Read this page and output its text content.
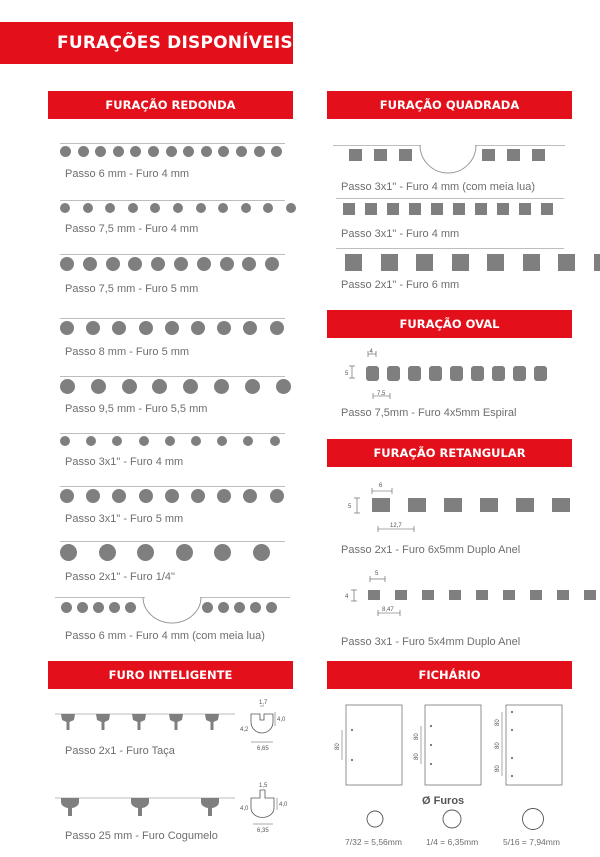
FURAÇÕES DISPONÍVEIS
FURAÇÃO REDONDA
Passo 6 mm - Furo 4 mm
Passo 7,5 mm - Furo 4 mm
Passo 7,5 mm - Furo 5 mm
Passo 8 mm - Furo 5 mm
Passo 9,5 mm - Furo 5,5 mm
Passo 3x1" - Furo 4 mm
Passo 3x1" - Furo 5 mm
Passo 2x1" - Furo 1/4"
Passo 6 mm - Furo 4 mm (com meia lua)
FURAÇÃO QUADRADA
Passo 3x1" - Furo 4 mm (com meia lua)
Passo 3x1" - Furo 4 mm
Passo 2x1" - Furo 6 mm
FURAÇÃO OVAL
4
5
7,5
Passo 7,5mm - Furo 4x5mm Espiral
FURAÇÃO RETANGULAR
6
5
12,7
Passo 2x1 - Furo 6x5mm Duplo Anel
5
4
8,47
Passo 3x1 - Furo 5x4mm Duplo Anel
FURO INTELIGENTE
1,7
4,2
4,0
6,65
Passo 2x1 - Furo Taça
1,5
4,0
4,0
6,35
Passo 25 mm - Furo Cogumelo
FICHÁRIO
80
80
80
80
80
80
Ø Furos
7/32 = 5,56mm	1/4 = 6,35mm	5/16 = 7,94mm
